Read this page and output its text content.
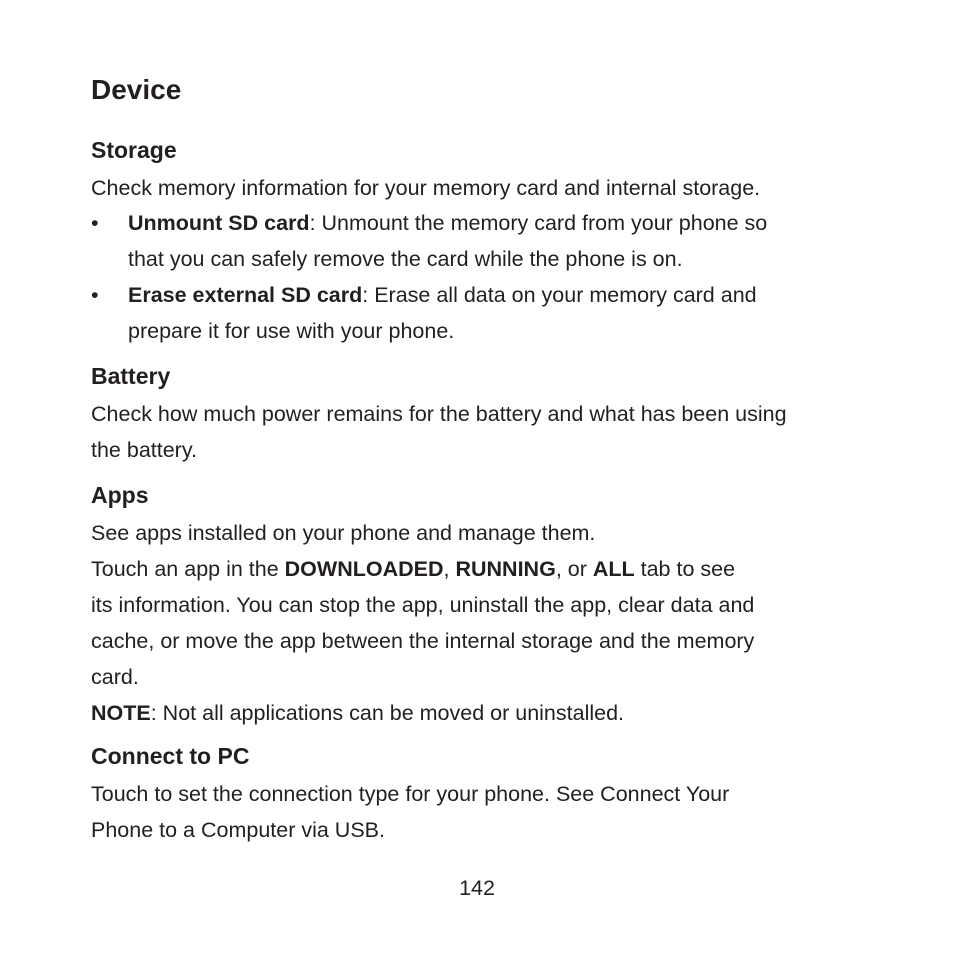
Device
Storage
Check memory information for your memory card and internal storage.
• Unmount SD card: Unmount the memory card from your phone so
that you can safely remove the card while the phone is on.
• Erase external SD card: Erase all data on your memory card and
prepare it for use with your phone.
Battery
Check how much power remains for the battery and what has been using
the battery.
Apps
See apps installed on your phone and manage them.
Touch an app in the DOWNLOADED, RUNNING, or ALL tab to see
its information. You can stop the app, uninstall the app, clear data and
cache, or move the app between the internal storage and the memory
card.
NOTE: Not all applications can be moved or uninstalled.
Connect to PC
Touch to set the connection type for your phone. See Connect Your
Phone to a Computer via USB.
142
